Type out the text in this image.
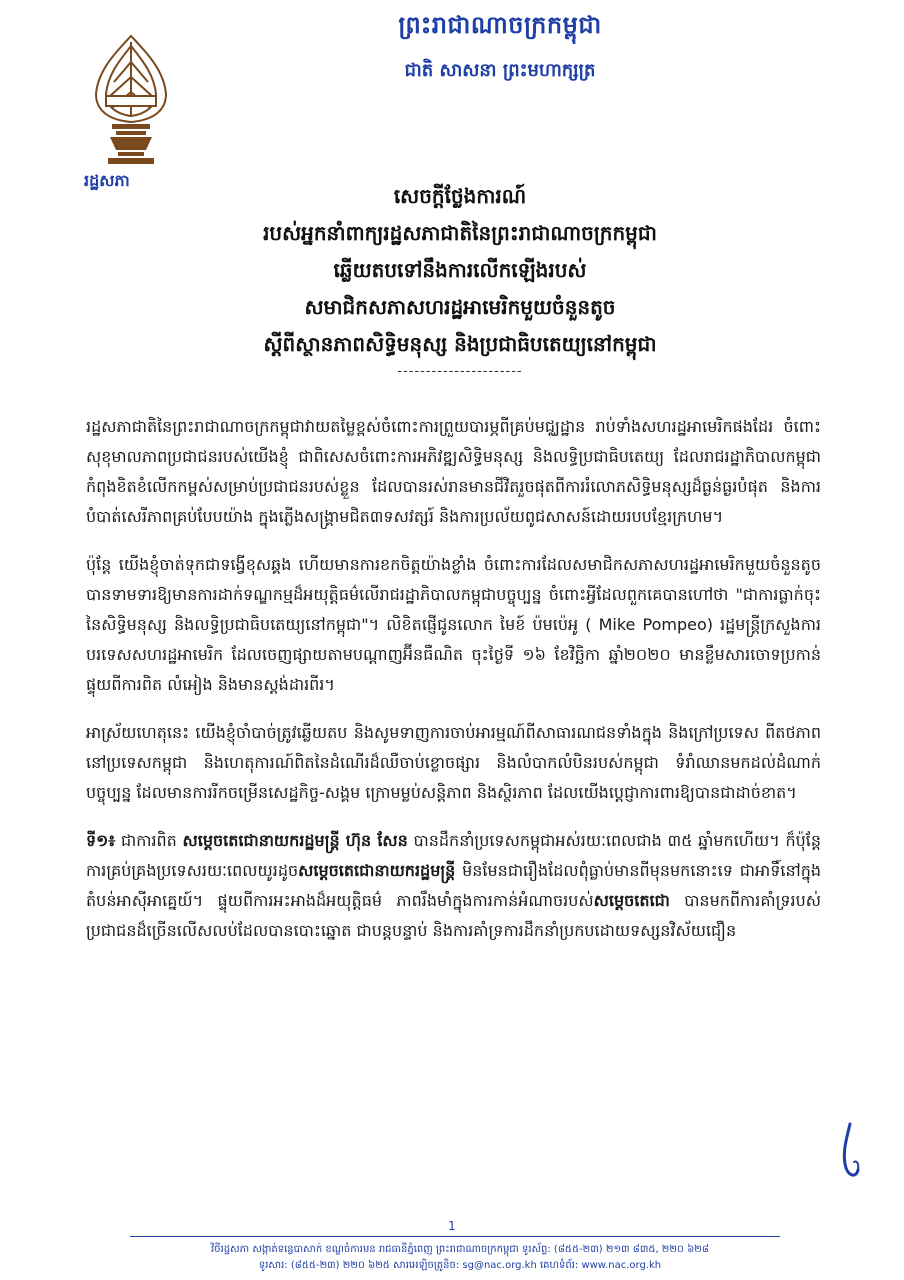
ព្រះរាជាណាចក្រកម្ពុជា
ជាតិ សាសនា ព្រះមហាក្សត្រ
រដ្ឋសភា
សេចក្តីថ្លែងការណ៍
របស់អ្នកនាំពាក្យរដ្ឋសភាជាតិនៃព្រះរាជាណាចក្រកម្ពុជា
ឆ្លើយតបទៅនឹងការលើកឡើងរបស់
សមាជិកសភាសហរដ្ឋអាមេរិកមួយចំនួនតូច
ស្តីពីស្ថានភាពសិទ្ធិមនុស្ស និងប្រជាធិបតេយ្យនៅកម្ពុជា
----------------------

រដ្ឋសភាជាតិនៃព្រះរាជាណាចក្រកម្ពុជាវាយតម្លៃខ្ពស់ចំពោះការព្រួយបារម្ភពីគ្រប់មជ្ឈដ្ឋាន រាប់ទាំងសហរដ្ឋអាមេរិកផងដែរ ចំពោះសុខុមាលភាពប្រជាជនរបស់យើងខ្ញុំ ជាពិសេសចំពោះការអភិវឌ្ឍសិទ្ធិមនុស្ស និងលទ្ធិប្រជាធិបតេយ្យ ដែលរាជរដ្ឋាភិបាលកម្ពុជាកំពុងខិតខំលើកកម្ពស់សម្រាប់ប្រជាជនរបស់ខ្លួន ដែលបានរស់រានមានជីវិតរួចផុតពីការរំលោភសិទ្ធិមនុស្សដ៏ធ្ងន់ធ្ងរបំផុត និងការបំបាត់សេរីភាពគ្រប់បែបយ៉ាង ក្នុងភ្លើងសង្គ្រាមជិត៣ទសវត្សរ៍ និងការប្រល័យពូជសាសន៍ដោយរបបខ្មែរក្រហម។

ប៉ុន្តែ យើងខ្ញុំចាត់ទុកជាទង្វើខុសឆ្គង ហើយមានការខកចិត្តយ៉ាងខ្លាំង ចំពោះការដែលសមាជិកសភាសហរដ្ឋអាមេរិកមួយចំនួនតូច បានទាមទារឱ្យមានការដាក់ទណ្ឌកម្មដ៏អយុត្តិធម៌លើរាជរដ្ឋាភិបាលកម្ពុជាបច្ចុប្បន្ន ចំពោះអ្វីដែលពួកគេបានហៅថា "ជាការធ្លាក់ចុះនៃសិទ្ធិមនុស្ស និងលទ្ធិប្រជាធិបតេយ្យនៅកម្ពុជា"។ លិខិតផ្ញើជូនលោក មៃខ៍ ប៉មប៉េអូ ( Mike Pompeo) រដ្ឋមន្ត្រីក្រសួងការបរទេសសហរដ្ឋអាមេរិក ដែលចេញផ្សាយតាមបណ្តាញអ៊ីនធឺណិត ចុះថ្ងៃទី ១៦ ខែវិច្ឆិកា ឆ្នាំ២០២០ មានខ្លឹមសារចោទប្រកាន់ផ្ទុយពីការពិត លំអៀង និងមានស្តង់ដារពីរ។

អាស្រ័យហេតុនេះ យើងខ្ញុំចាំបាច់ត្រូវឆ្លើយតប និងសូមទាញការចាប់អារម្មណ៍ពីសាធារណជនទាំងក្នុង និងក្រៅប្រទេស ពីតថភាពនៅប្រទេសកម្ពុជា និងហេតុការណ៍ពិតនៃដំណើរដ៏ឈឺចាប់ខ្លោចផ្សារ និងលំបាកលំបិនរបស់កម្ពុជា ទំរាំឈានមកដល់ដំណាក់បច្ចុប្បន្ន ដែលមានការរីកចម្រើនសេដ្ឋកិច្ច-សង្គម ក្រោមម្លប់សន្តិភាព និងស្ថិរភាព ដែលយើងប្តេជ្ញាការពារឱ្យបានជាដាច់ខាត។

ទី១៖ ជាការពិត សម្តេចតេជោនាយករដ្ឋមន្ត្រី ហ៊ុន សែន បានដឹកនាំប្រទេសកម្ពុជាអស់រយៈពេលជាង ៣៥ ឆ្នាំមកហើយ។ ក៏ប៉ុន្តែ ការគ្រប់គ្រងប្រទេសរយៈពេលយូរដូចសម្តេចតេជោនាយករដ្ឋមន្ត្រី មិនមែនជារឿងដែលពុំធ្លាប់មានពីមុនមកនោះទេ ជាអាទិ៍នៅក្នុងតំបន់អាស៊ីអាគ្នេយ៍។ ផ្ទុយពីការអះអាងដ៏អយុត្តិធម៌ ភាពរឹងមាំក្នុងការកាន់អំណាចរបស់សម្តេចតេជោ បានមកពីការគាំទ្ររបស់ប្រជាជនដ៏ច្រើនលើសលប់ដែលបានបោះឆ្នោត ជាបន្តបន្ទាប់ និងការគាំទ្រការដឹកនាំប្រកបដោយទស្សនវិស័យជឿន

1
វិថីរដ្ឋសភា សង្កាត់ទន្លេបាសាក់ ខណ្ឌចំការមន រាជធានីភ្នំពេញ ព្រះរាជាណាចក្រកម្ពុជា ទូរស័ព្ទ: (៨៥៥-២៣) ២១៣ ៨៣៥, ២២០ ៦២៨
ទូរសារ: (៨៥៥-២៣) ២២០ ៦២៥ សារអេឡិចត្រូនិច: sg@nac.org.kh គេហទំព័រ: www.nac.org.kh
